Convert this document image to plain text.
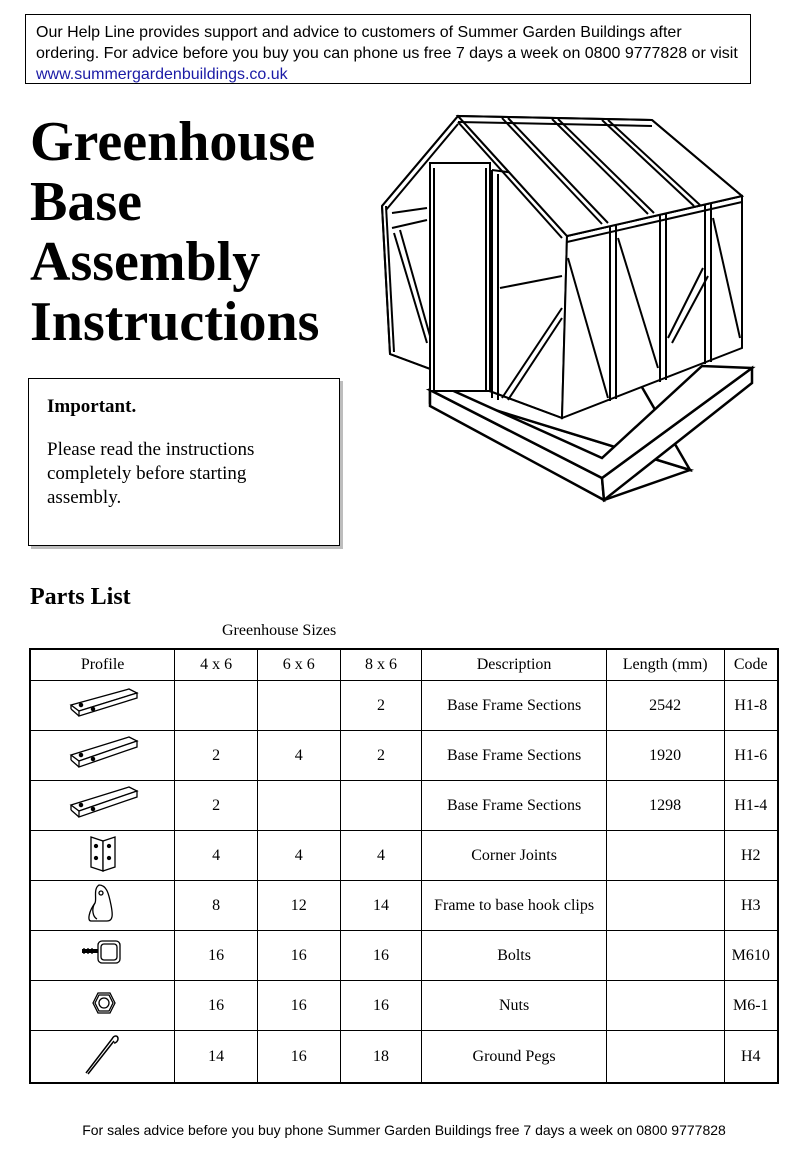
Our Help Line provides support and advice to customers of Summer Garden Buildings after ordering. For advice before you buy you can phone us free 7 days a week on 0800 9777828 or visit www.summergardenbuildings.co.uk
Greenhouse
Base
Assembly
Instructions

Important.

Please read the instructions completely before starting assembly.

Parts List
Greenhouse Sizes
Profile	4 x 6	6 x 6	8 x 6	Description	Length (mm)	Code
			2	Base Frame Sections	2542	H1-8
	2	4	2	Base Frame Sections	1920	H1-6
	2			Base Frame Sections	1298	H1-4
	4	4	4	Corner Joints		H2
	8	12	14	Frame to base hook clips		H3
	16	16	16	Bolts		M610
	16	16	16	Nuts		M6-1
	14	16	18	Ground Pegs		H4
For sales advice before you buy phone Summer Garden Buildings free 7 days a week on 0800 9777828
